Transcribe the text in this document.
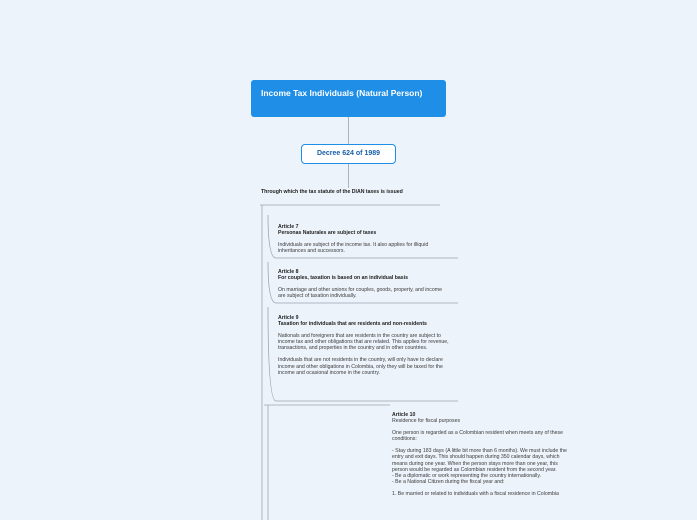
Income Tax Individuals (Natural Person)
Decree 624 of 1989
Through which the tax statute of the DIAN taxes is issued
Article 7
Personas Naturales are subject of taxes
Individuals are subject of the income tax. It also applies for illiquid inheritances and successors.
Article 8
For couples, taxation is based on an individual basis
On marriage and other unions for couples, goods, property, and income are subject of taxation individually.
Article 9
Taxation for individuals that are residents and non-residents
Nationals and foreigners that are residents in the country are subject to income tax and other obligations that are related. This applies for revenue, transactions, and properties in the country and in other countries.
Individuals that are not residents in the country, will only have to declare income and other obligations in Colombia, only they will be taxed for the income and ocasional income in the country.
Article 10
Residence for fiscal purposes
One person is regarded as a Colombian resident when meets any of these conditions:
- Stay during 183 days (A little bit more than 6 months). We must include the entry and exit days. This should happen during 350 calendar days, which means during one year. When the person stays more than one year, this person would be regarded as Colombian resident from the second year.
- Be a diplomatic or work representing the country internationally.
- Be a National Citizen during the fiscal year and:
1. Be married or related to individuals with a fiscal residence in Colombia
